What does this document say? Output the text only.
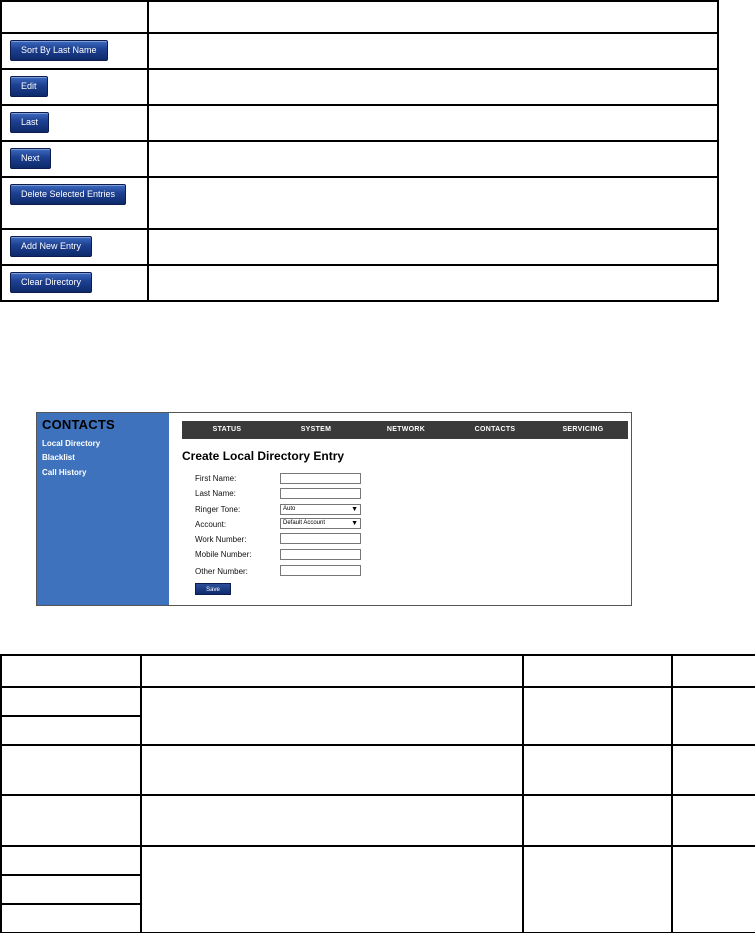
Sort By Last Name	
Edit	
Last	
Next	
Delete Selected Entries	
Add New Entry	
Clear Directory	
CONTACTS
Local Directory
Blacklist
Call History
STATUS	SYSTEM	NETWORK	CONTACTS	SERVICING
Create Local Directory Entry
First Name:
Last Name:
Ringer Tone:	Auto	▼
Account:	Default Account	▼
Work Number:
Mobile Number:
Other Number:
Save
